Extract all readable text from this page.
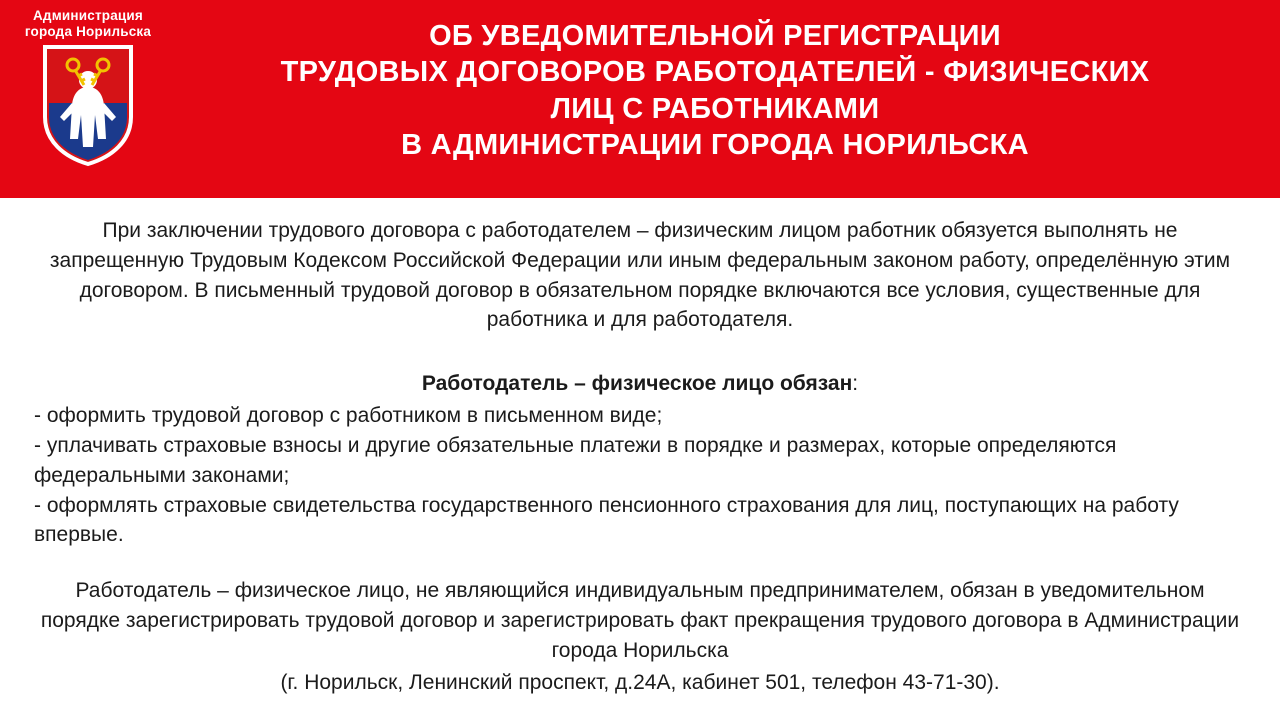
Администрация
города Норильска	ОБ УВЕДОМИТЕЛЬНОЙ РЕГИСТРАЦИИ
ТРУДОВЫХ ДОГОВОРОВ РАБОТОДАТЕЛЕЙ - ФИЗИЧЕСКИХ
ЛИЦ С РАБОТНИКАМИ
В АДМИНИСТРАЦИИ ГОРОДА НОРИЛЬСКА

При заключении трудового договора с работодателем – физическим лицом работник обязуется выполнять не запрещенную Трудовым Кодексом Российской Федерации или иным федеральным законом работу, определённую этим договором. В письменный трудовой договор в обязательном порядке включаются все условия, существенные для работника и для работодателя.

Работодатель – физическое лицо обязан:

- оформить трудовой договор с работником в письменном виде;

- уплачивать страховые взносы и другие обязательные платежи в порядке и размерах, которые определяются федеральными законами;

- оформлять страховые свидетельства государственного пенсионного страхования для лиц, поступающих на работу впервые.

Работодатель – физическое лицо, не являющийся индивидуальным предпринимателем, обязан в уведомительном порядке зарегистрировать трудовой договор и зарегистрировать факт прекращения трудового договора в Администрации города Норильска

(г. Норильск, Ленинский проспект, д.24А, кабинет 501, телефон 43-71-30).
